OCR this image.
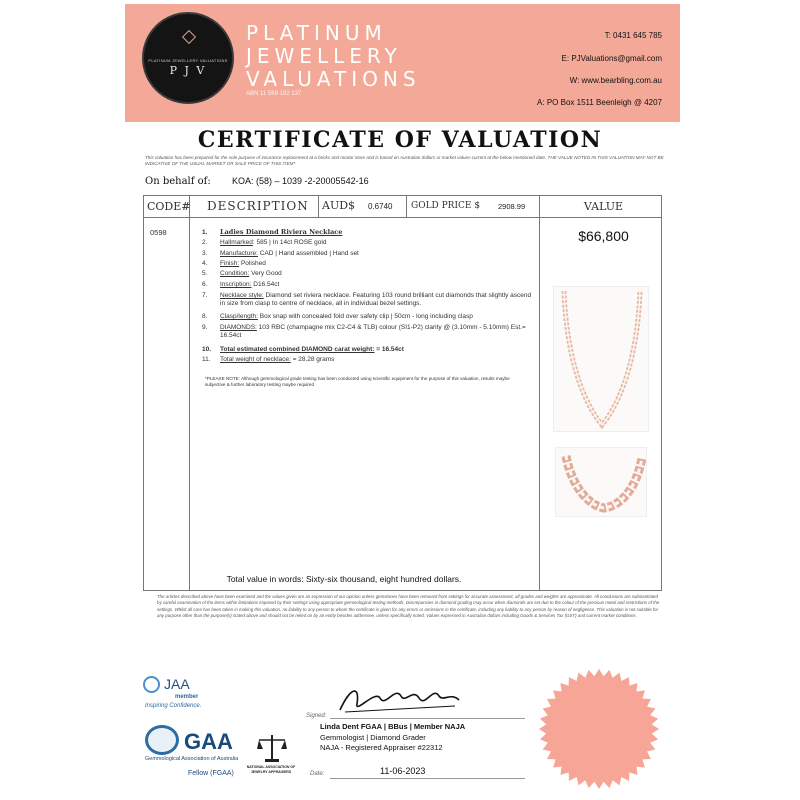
PLATINUM JEWELLERY VALUATIONS
P J V
PLATINUM
JEWELLERY
VALUATIONS
ABN 11 588 192 137
T: 0431 645 785
E: PJValuations@gmail.com
W: www.bearbling.com.au
A: PO Box 1511 Beenleigh @ 4207
CERTIFICATE OF VALUATION
This valuation has been prepared for the sole purpose of insurance replacement at a bricks and mortar store and is based on Australian dollars or market values current at the below mentioned date. THE VALUE NOTED IN THIS VALUATION MAY NOT BE INDICATIVE OF THE USUAL MARKET OR SALE PRICE OF THIS ITEM*
On behalf of: KOA: (58) – 1039 -2-20005542-16
CODE# DESCRIPTION AUD$ 0.6740 GOLD PRICE $ 2908.99	VALUE
0598	$66,800
1. Ladies Diamond Riviera Necklace
2. Hallmarked: 585 | In 14ct ROSE gold
3. Manufacture: CAD | Hand assembled | Hand set
4. Finish: Polished
5. Condition: Very Good
6. Inscription: D16.54ct
7. Necklace style: Diamond set riviera necklace. Featuring 103 round brilliant cut diamonds that slightly ascend in size from clasp to centre of necklace, all in individual bezel settings.
8. Clasp/length: Box snap with concealed fold over safety clip | 50cm - long including clasp
9. DIAMONDS: 103 RBC (champagne mix C2-C4 & TLB) colour (SI1-P2) clarity @ (3.10mm - 5.10mm) Est.= 16.54ct
10. Total estimated combined DIAMOND carat weight: = 16.54ct
11. Total weight of necklace: = 28.28 grams
*PLEASE NOTE: Although gemmological grade testing has been conducted using scientific equipment for the purpose of this valuation, results maybe subjective & further laboratory testing maybe required
Total value in words: Sixty-six thousand, eight hundred dollars.
The articles described above have been examined and the values given are an expression of our opinion unless gemstones have been removed from settings for accurate assessment, all grades and weights are approximate. All conclusions are substantiated by careful examination of the items within limitations imposed by their settings using appropriate gemmological testing methods. Discrepancies in diamond grading may occur when diamonds are set due to the colour of the precious metal and restrictions of the settings. Whilst all care has been taken in making this valuation, no liability to any person to whom the certificate is given for any errors or omissions in the certificate, including any liability to any person by reason of negligence. This valuation is not suitable for any purpose other than the purpose(s) stated above and should not be relied on by an entity besides addressee, unless specifically noted. Values expressed in Australian dollars including Goods & Services Tax (GST) and current market conditions.
JAA
member
Inspiring Confidence.
GAA
Gemmological Association of Australia
Fellow (FGAA)
NATIONAL ASSOCIATION OF JEWELRY APPRAISERS
Signed:
Linda Dent FGAA | BBus | Member NAJA
Gemmologist | Diamond Grader
NAJA - Registered Appraiser #22312
Date:	11-06-2023
